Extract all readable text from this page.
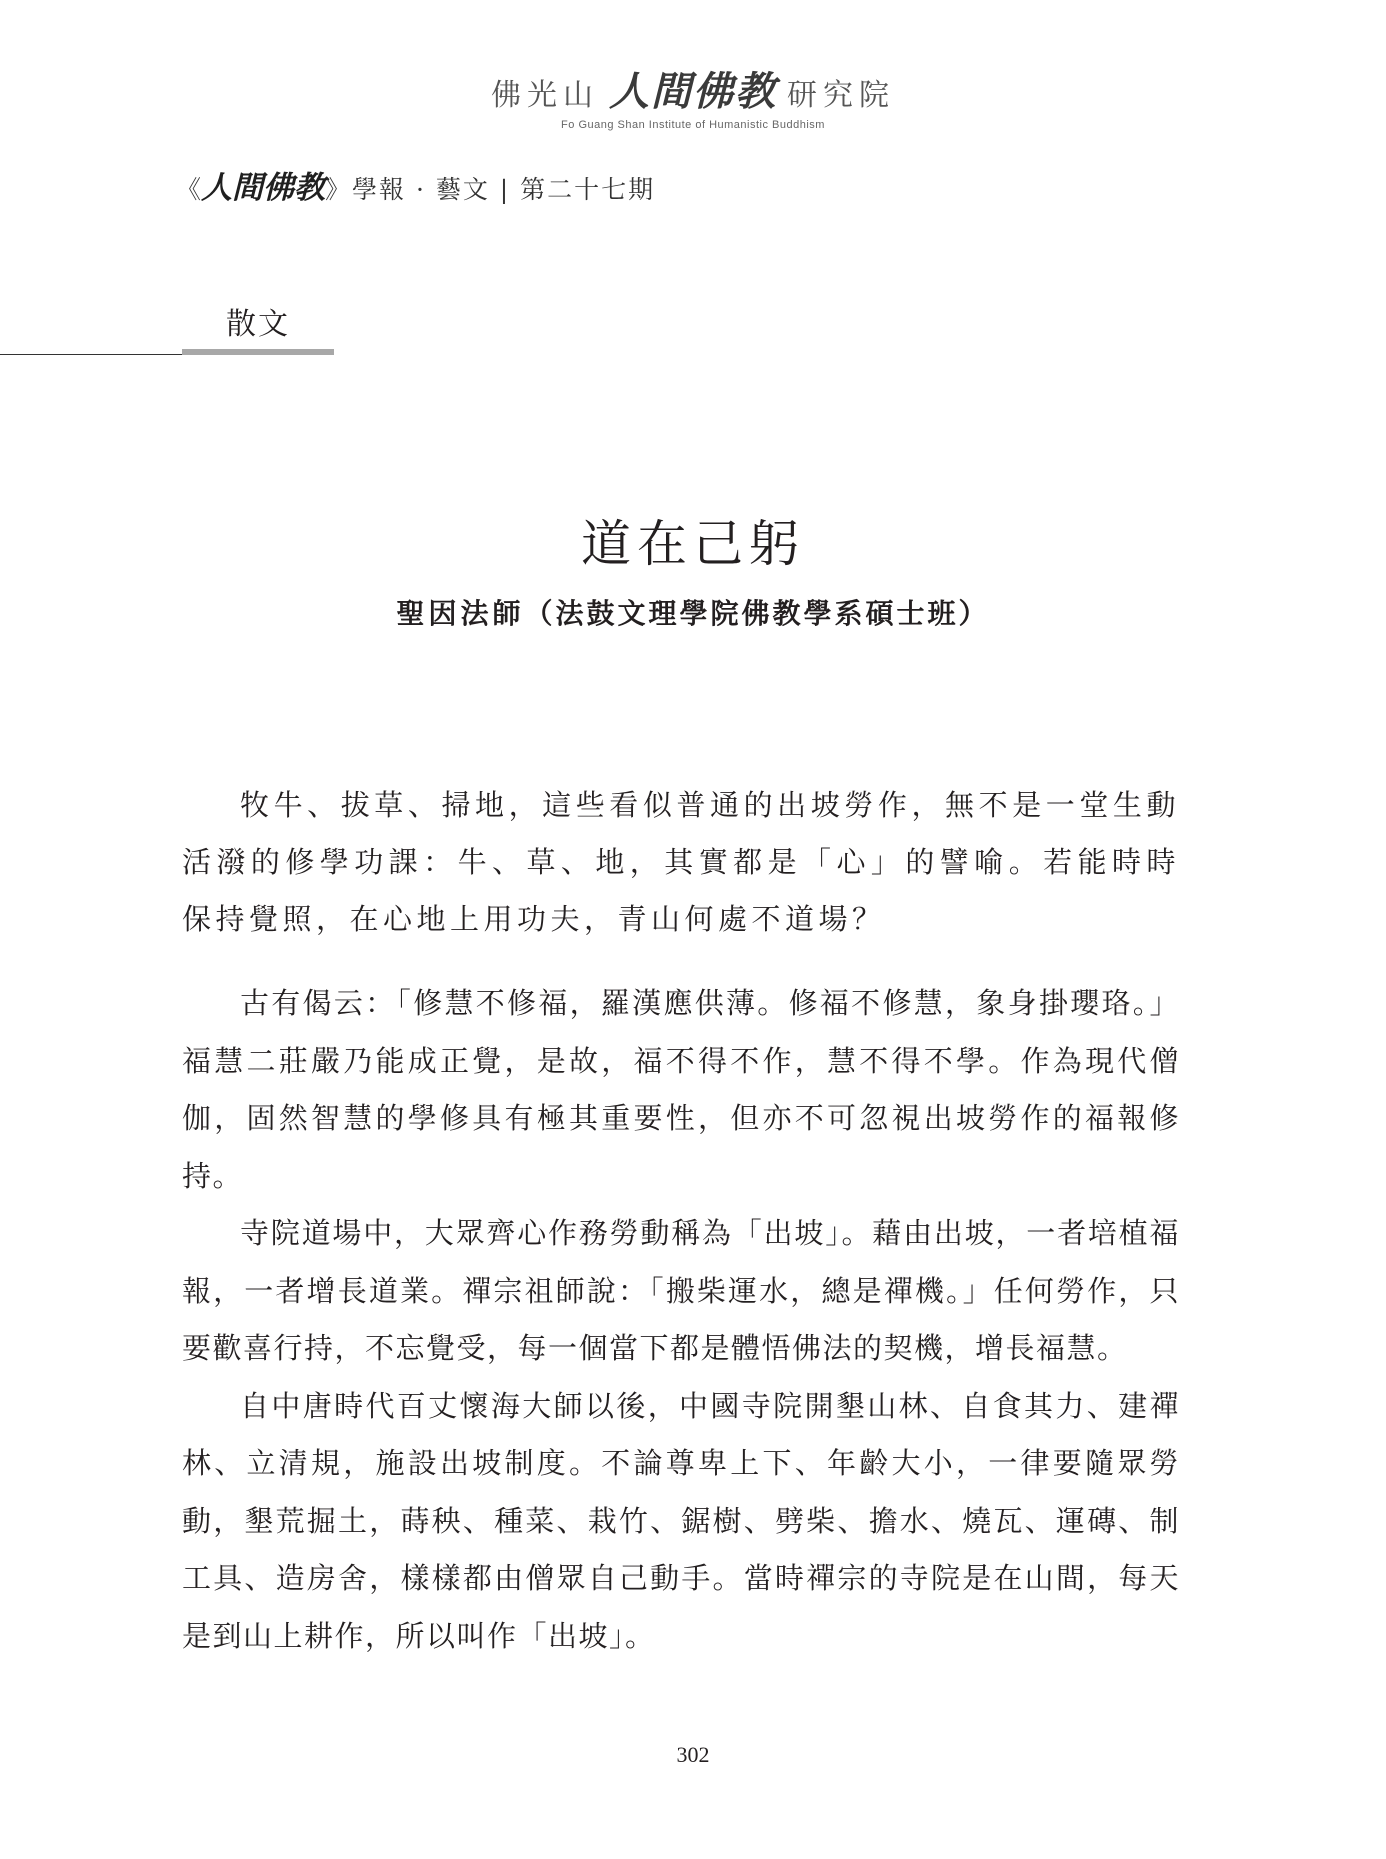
佛光山 人間佛教 研究院
Fo Guang Shan Institute of Humanistic Buddhism
《 人間佛教 》學報 · 藝文 | 第二十七期
散文
道在己躬
聖因法師（法鼓文理學院佛教學系碩士班）

牧牛、拔草、掃地，這些看似普通的出坡勞作，無不是一堂生動活潑的修學功課：牛、草、地，其實都是「心」的譬喻。若能時時保持覺照，在心地上用功夫，青山何處不道場？

古有偈云：「修慧不修福，羅漢應供薄。修福不修慧，象身掛瓔珞。」福慧二莊嚴乃能成正覺，是故，福不得不作，慧不得不學。作為現代僧伽，固然智慧的學修具有極其重要性，但亦不可忽視出坡勞作的福報修持。

寺院道場中，大眾齊心作務勞動稱為「出坡」。藉由出坡，一者培植福報，一者增長道業。禪宗祖師說：「搬柴運水，總是禪機。」任何勞作，只要歡喜行持，不忘覺受，每一個當下都是體悟佛法的契機，增長福慧。

自中唐時代百丈懷海大師以後，中國寺院開墾山林、自食其力、建禪林、立清規，施設出坡制度。不論尊卑上下、年齡大小，一律要隨眾勞動，墾荒掘土，蒔秧、種菜、栽竹、鋸樹、劈柴、擔水、燒瓦、運磚、制工具、造房舍，樣樣都由僧眾自己動手。當時禪宗的寺院是在山間，每天是到山上耕作，所以叫作「出坡」。

302
